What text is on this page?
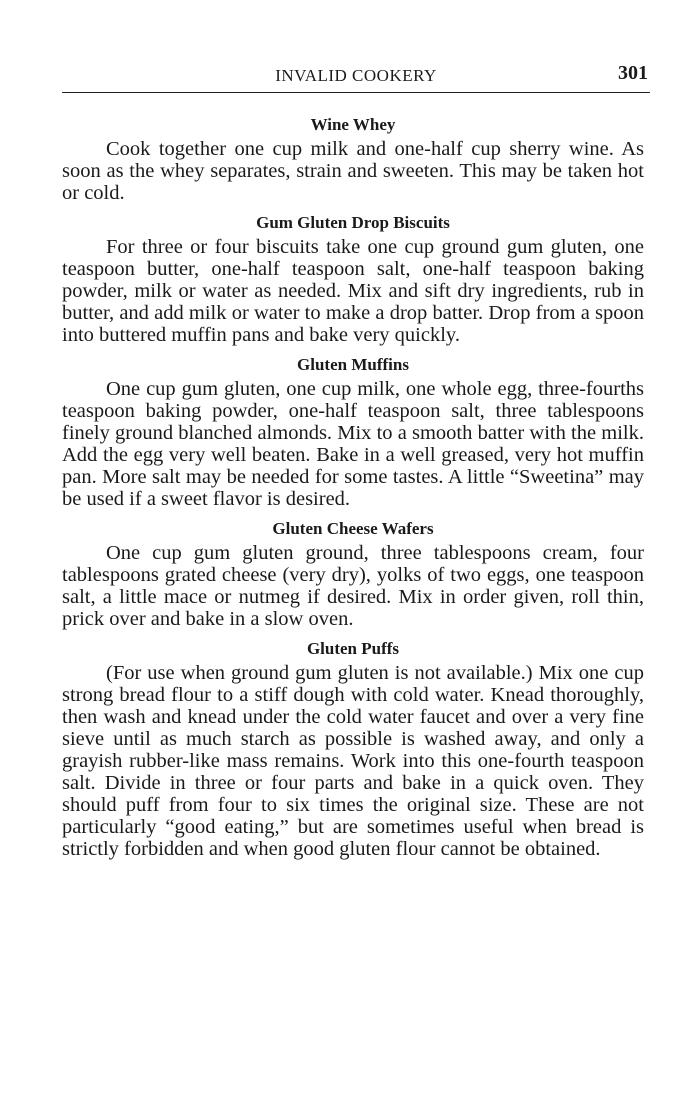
INVALID COOKERY	301
Wine Whey

Cook together one cup milk and one-half cup sherry wine. As soon as the whey separates, strain and sweeten. This may be taken hot or cold.

Gum Gluten Drop Biscuits

For three or four biscuits take one cup ground gum gluten, one teaspoon butter, one-half teaspoon salt, one-half teaspoon baking powder, milk or water as needed. Mix and sift dry ingredients, rub in butter, and add milk or water to make a drop batter. Drop from a spoon into buttered muffin pans and bake very quickly.

Gluten Muffins

One cup gum gluten, one cup milk, one whole egg, three-fourths teaspoon baking powder, one-half teaspoon salt, three tablespoons finely ground blanched almonds. Mix to a smooth batter with the milk. Add the egg very well beaten. Bake in a well greased, very hot muffin pan. More salt may be needed for some tastes. A little “Sweetina” may be used if a sweet flavor is desired.

Gluten Cheese Wafers

One cup gum gluten ground, three tablespoons cream, four tablespoons grated cheese (very dry), yolks of two eggs, one teaspoon salt, a little mace or nutmeg if desired. Mix in order given, roll thin, prick over and bake in a slow oven.

Gluten Puffs

(For use when ground gum gluten is not available.) Mix one cup strong bread flour to a stiff dough with cold water. Knead thoroughly, then wash and knead under the cold water faucet and over a very fine sieve until as much starch as possible is washed away, and only a grayish rubber-like mass remains. Work into this one-fourth teaspoon salt. Divide in three or four parts and bake in a quick oven. They should puff from four to six times the original size. These are not particularly “good eating,” but are sometimes useful when bread is strictly forbidden and when good gluten flour cannot be obtained.
